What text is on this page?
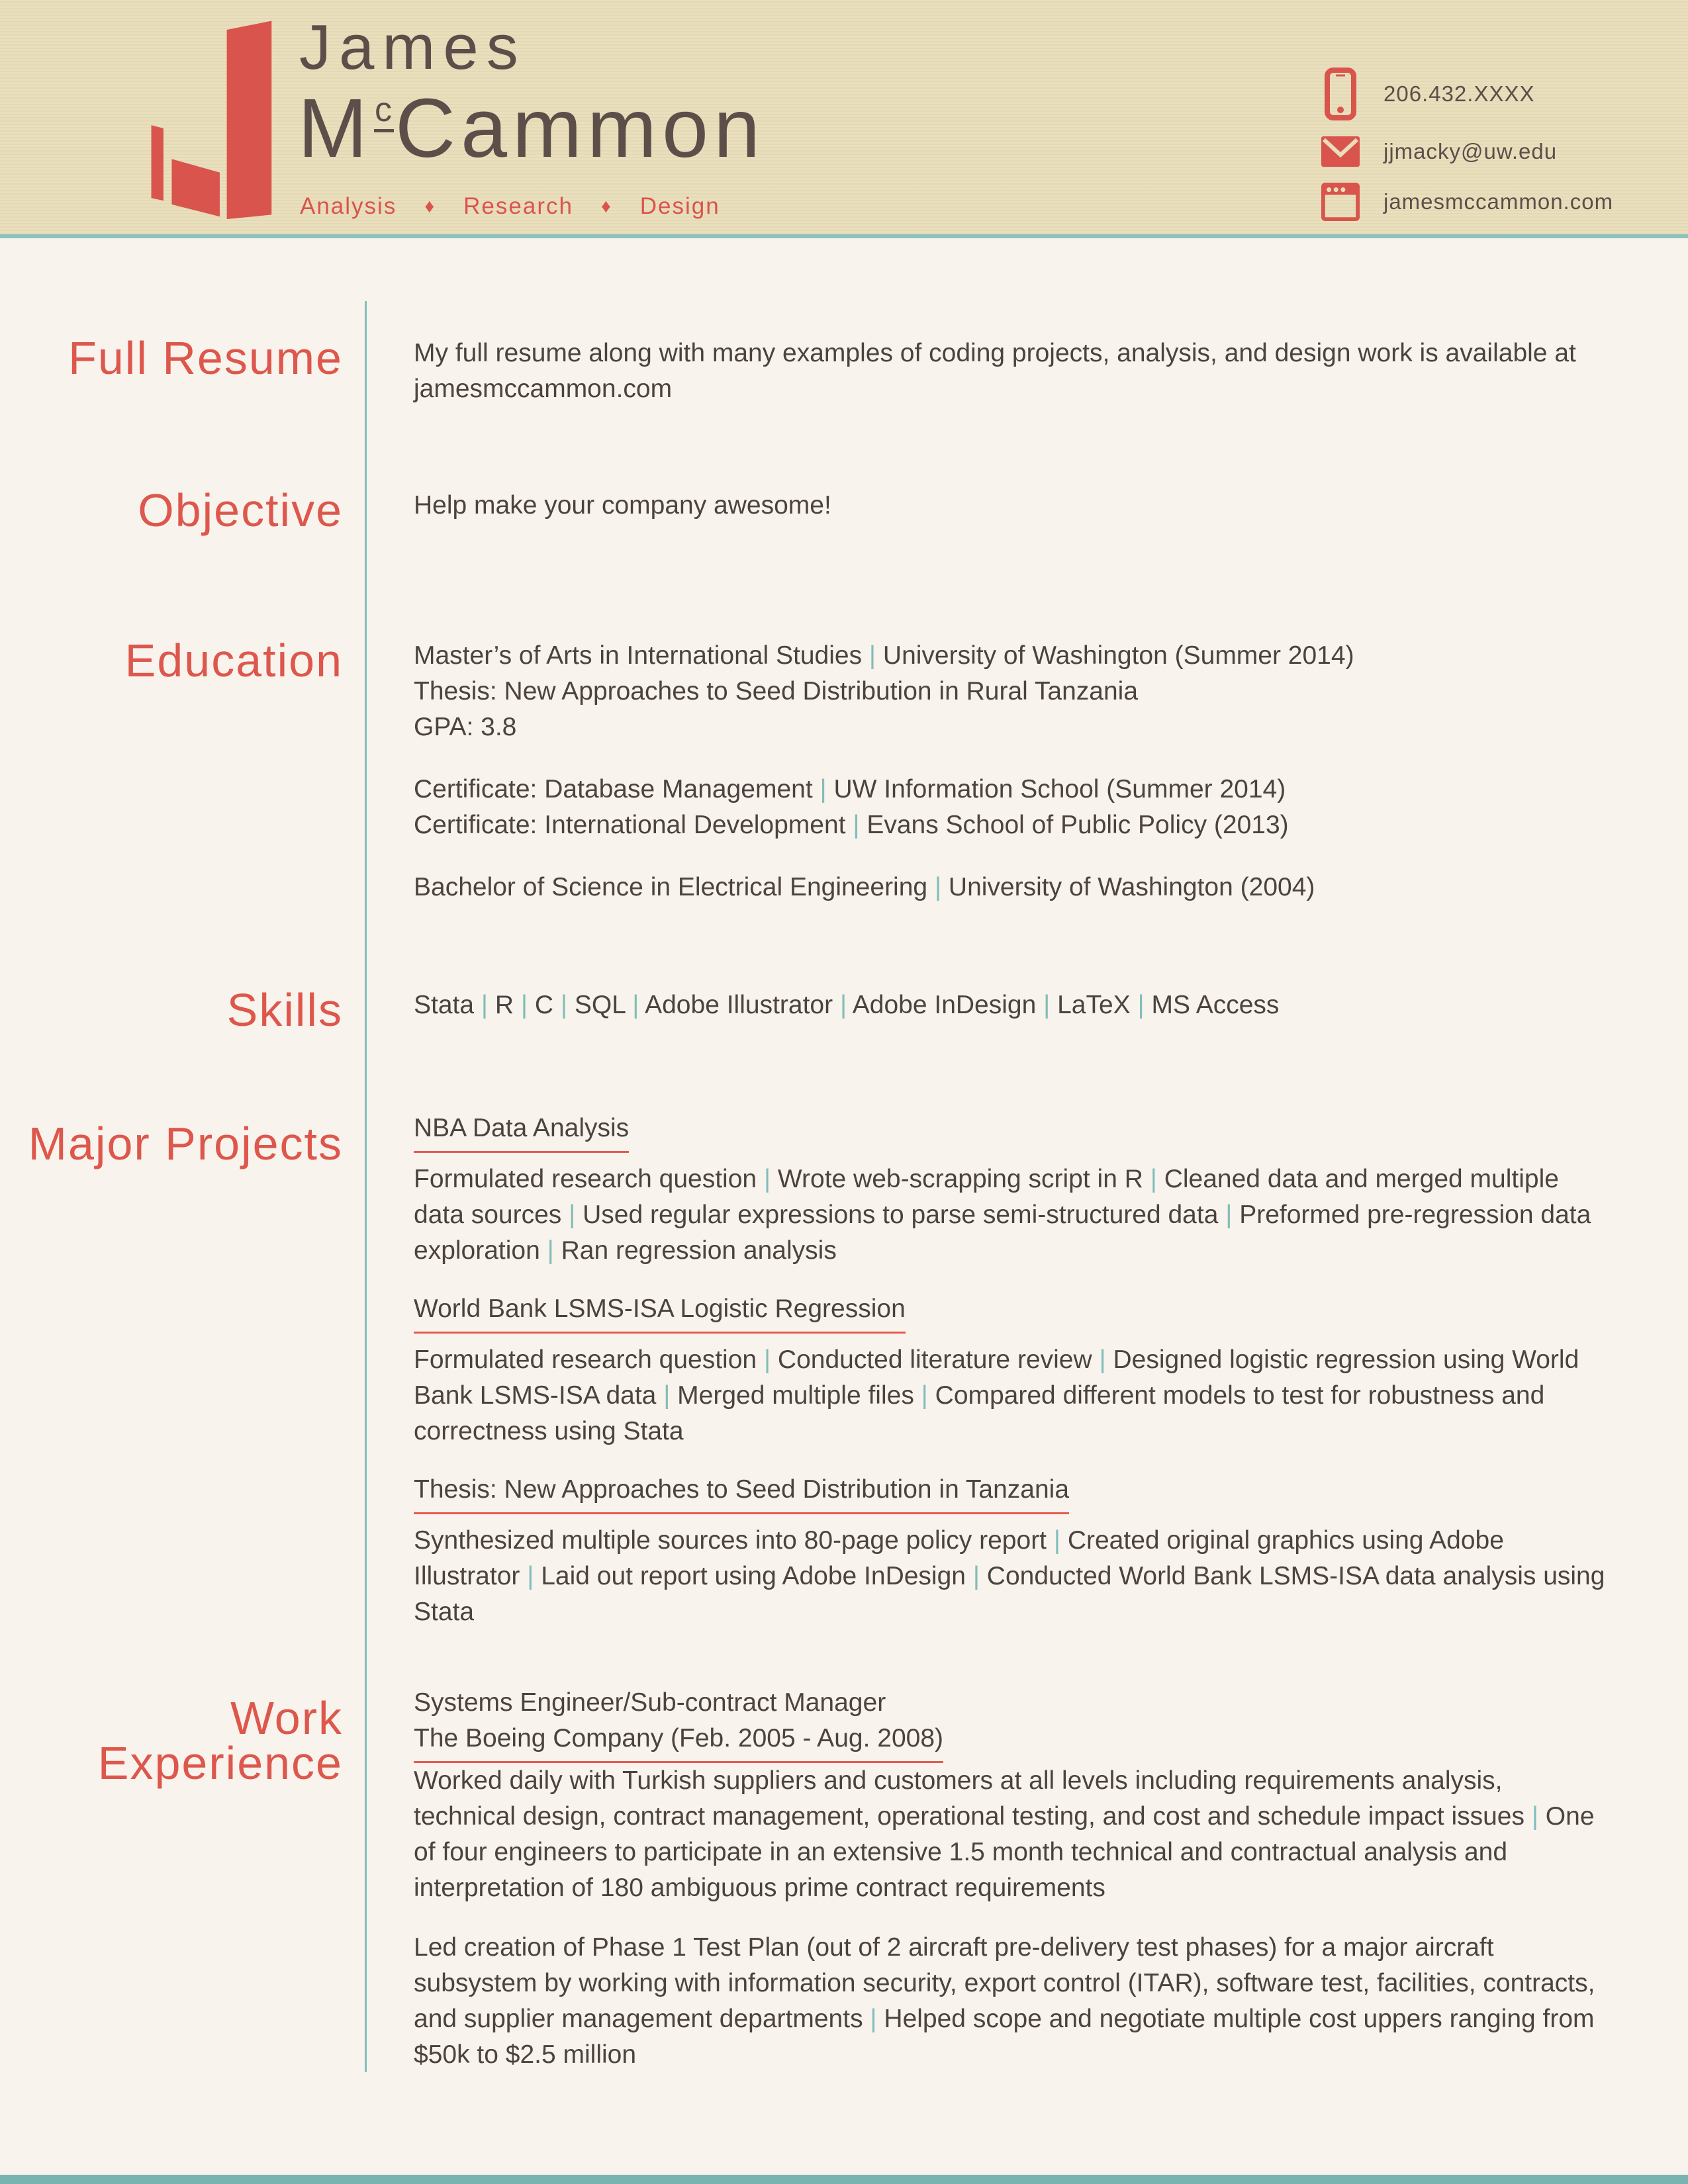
James
McCammon
Analysis ♦ Research ♦ Design
206.432.XXXX
jjmacky@uw.edu
jamesmccammon.com
Full Resume	My full resume along with many examples of coding projects, analysis, and design work is available at jamesmccammon.com

Objective	Help make your company awesome!

Education	Master’s of Arts in International Studies | University of Washington (Summer 2014)
Thesis: New Approaches to Seed Distribution in Rural Tanzania
GPA: 3.8
Certificate: Database Management | UW Information School (Summer 2014)
Certificate: International Development | Evans School of Public Policy (2013)
Bachelor of Science in Electrical Engineering | University of Washington (2004)
Skills	Stata | R | C | SQL | Adobe Illustrator | Adobe InDesign | LaTeX | MS Access
Major Projects	NBA Data Analysis

Formulated research question | Wrote web-scrapping script in R | Cleaned data and merged multiple data sources | Used regular expressions to parse semi-structured data | Preformed pre-regression data exploration | Ran regression analysis

World Bank LSMS-ISA Logistic Regression

Formulated research question | Conducted literature review | Designed logistic regression using World Bank LSMS-ISA data | Merged multiple files | Compared different models to test for robustness and correctness using Stata

Thesis: New Approaches to Seed Distribution in Tanzania

Synthesized multiple sources into 80-page policy report | Created original graphics using Adobe Illustrator | Laid out report using Adobe InDesign | Conducted World Bank LSMS-ISA data analysis using Stata

Work Experience
Systems Engineer/Sub-contract Manager
The Boeing Company (Feb. 2005 - Aug. 2008)

Worked daily with Turkish suppliers and customers at all levels including requirements analysis, technical design, contract management, operational testing, and cost and schedule impact issues | One of four engineers to participate in an extensive 1.5 month technical and contractual analysis and interpretation of 180 ambiguous prime contract requirements

Led creation of Phase 1 Test Plan (out of 2 aircraft pre-delivery test phases) for a major aircraft subsystem by working with information security, export control (ITAR), software test, facilities, contracts, and supplier management departments | Helped scope and negotiate multiple cost uppers ranging from $50k to $2.5 million
